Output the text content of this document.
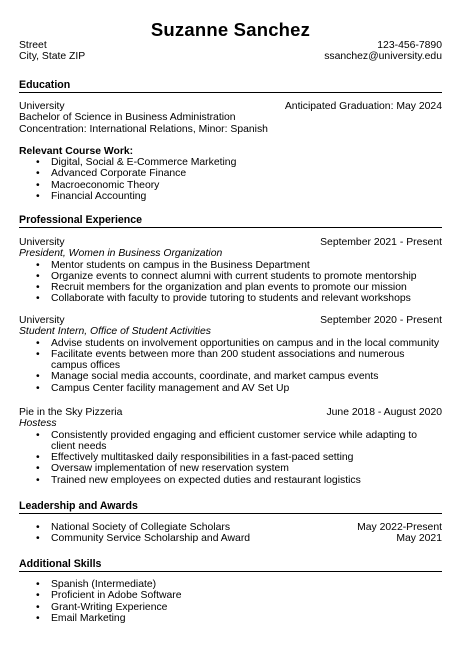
Suzanne Sanchez
Street	123-456-7890
City, State ZIP	ssanchez@university.edu
Education
University	Anticipated Graduation: May 2024
Bachelor of Science in Business Administration
Concentration: International Relations, Minor: Spanish
Relevant Course Work:
• Digital, Social & E-Commerce Marketing
• Advanced Corporate Finance
• Macroeconomic Theory
• Financial Accounting
Professional Experience
University	September 2021 - Present
President, Women in Business Organization
• Mentor students on campus in the Business Department
• Organize events to connect alumni with current students to promote mentorship
• Recruit members for the organization and plan events to promote our mission
• Collaborate with faculty to provide tutoring to students and relevant workshops
University	September 2020 - Present
Student Intern, Office of Student Activities
• Advise students on involvement opportunities on campus and in the local community
• Facilitate events between more than 200 student associations and numerous campus offices
• Manage social media accounts, coordinate, and market campus events
• Campus Center facility management and AV Set Up
Pie in the Sky Pizzeria	June 2018 - August 2020
Hostess
• Consistently provided engaging and efficient customer service while adapting to client needs
• Effectively multitasked daily responsibilities in a fast-paced setting
• Oversaw implementation of new reservation system
• Trained new employees on expected duties and restaurant logistics
Leadership and Awards
• National Society of Collegiate Scholars	May 2022-Present
• Community Service Scholarship and Award	May 2021
Additional Skills
• Spanish (Intermediate)
• Proficient in Adobe Software
• Grant-Writing Experience
• Email Marketing
